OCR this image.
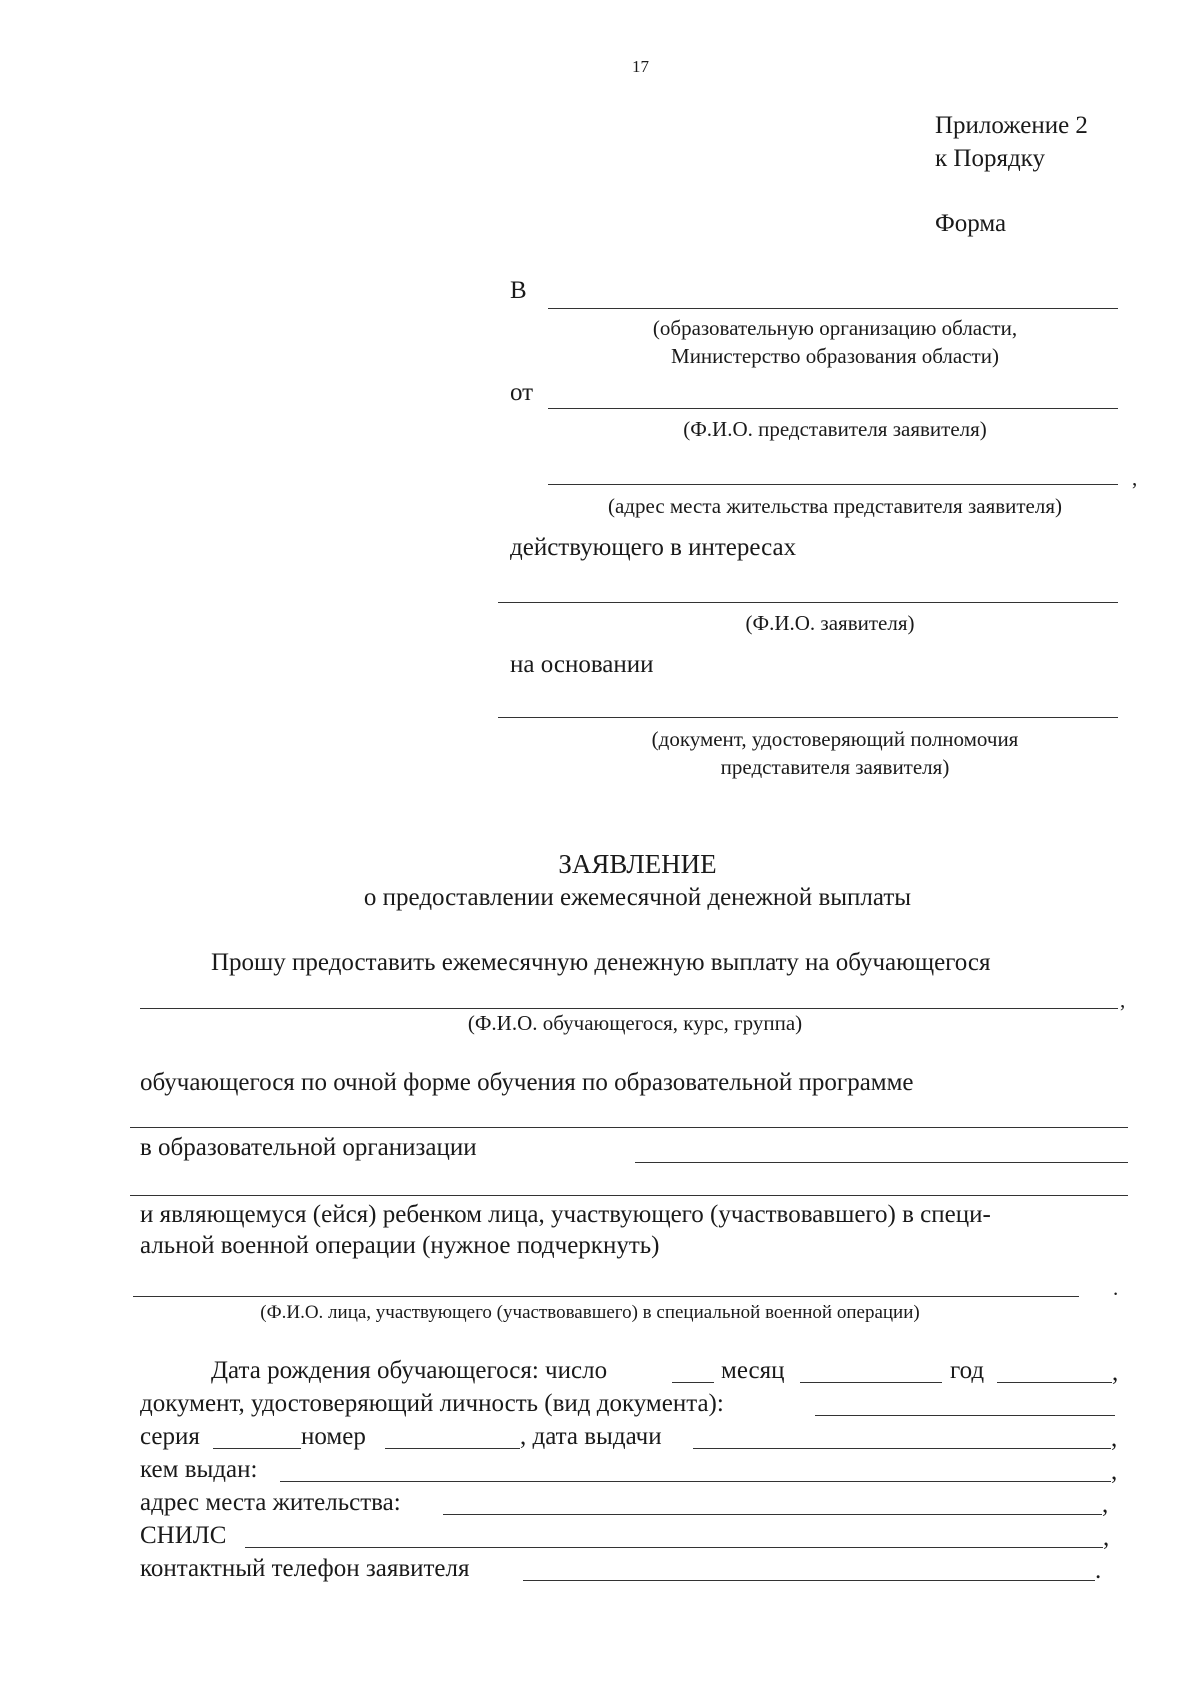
17
Приложение 2
к Порядку
Форма
В
(образовательную организацию области,
Министерство образования области)
от
(Ф.И.О. представителя заявителя)
,
(адрес места жительства представителя заявителя)
действующего в интересах
(Ф.И.О. заявителя)
на основании
(документ, удостоверяющий полномочия
представителя заявителя)
ЗАЯВЛЕНИЕ
о предоставлении ежемесячной денежной выплаты
Прошу предоставить ежемесячную денежную выплату на обучающегося
,
(Ф.И.О. обучающегося, курс, группа)
обучающегося по очной форме обучения по образовательной программе
в образовательной организации
и являющемуся (ейся) ребенком лица, участвующего (участвовавшего) в специ-
альной военной операции (нужное подчеркнуть)
.
(Ф.И.О. лица, участвующего (участвовавшего) в специальной военной операции)
Дата рождения обучающегося: число	месяц	год	,
документ, удостоверяющий личность (вид документа):
серия	номер	, дата выдачи	,
кем выдан:	,
адрес места жительства:	,
СНИЛС	,
контактный телефон заявителя	.
